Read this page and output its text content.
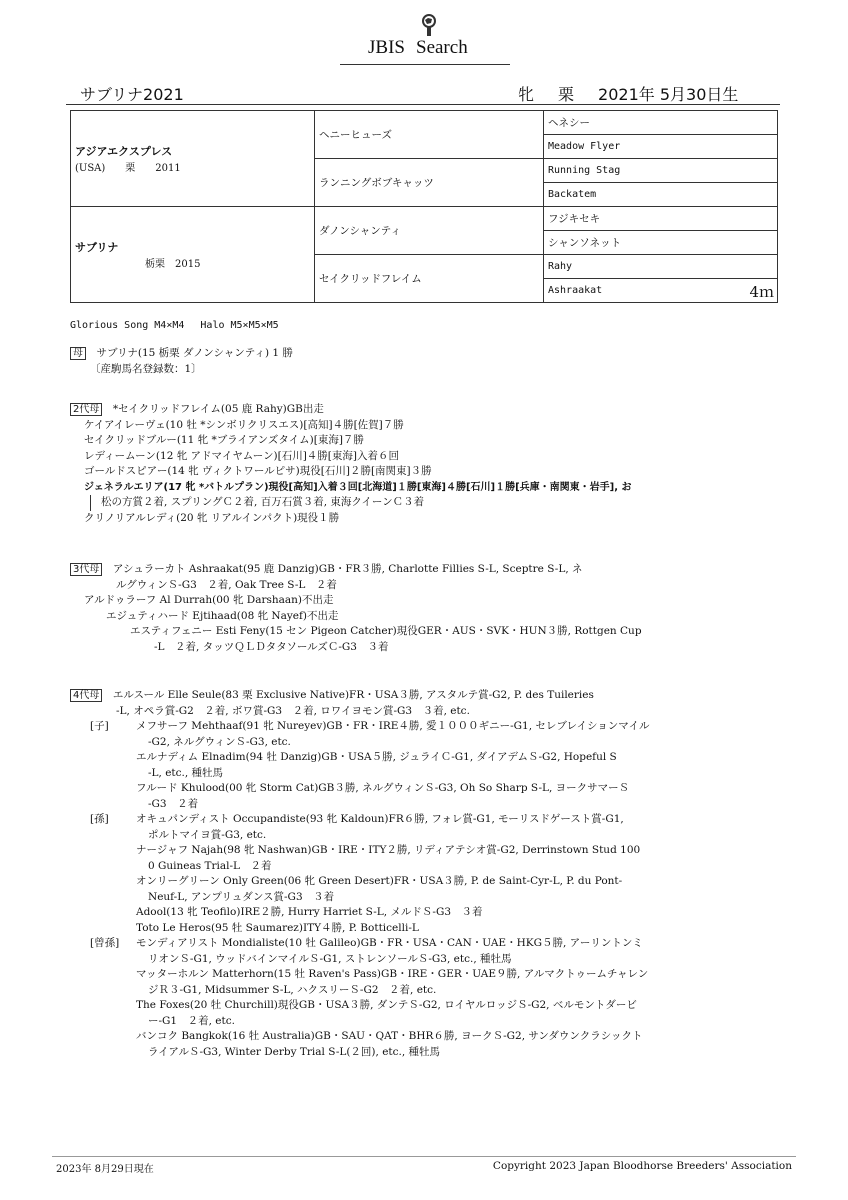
JBIS Search
サブリナ2021	牝 栗 2021年 5月30日生
アジアエクスプレス
(USA)　　栗　　2011	ヘニーヒューズ	ヘネシー
		Meadow Flyer
	ランニングボブキャッツ	Running Stag
		Backatem

サブリナ
栃栗　2015	ダノンシャンティ	フジキセキ
		シャンソネット
	セイクリッドフレイム	Rahy
		Ashraakat 4ｍ
Glorious Song M4×M4　 Halo M5×M5×M5
母　 サブリナ(15 栃栗 ダノンシャンティ) 1 勝
〔産駒馬名登録数：1〕
2代母　 *セイクリッドフレイム(05 鹿 Rahy)GB出走
ケイアイレーヴェ(10 牡 *シンボリクリスエス)[高知]４勝[佐賀]７勝
セイクリッドブルー(11 牝 *ブライアンズタイム)[東海]７勝
レディームーン(12 牝 アドマイヤムーン)[石川]４勝[東海]入着６回
ゴールドスピアー(14 牝 ヴィクトワールピサ)現役[石川]２勝[南関東]３勝
ジェネラルエリア(17 牝 *バトルプラン)現役[高知]入着３回[北海道]１勝[東海]４勝[石川]１勝[兵庫・南関東・岩手], お
松の方賞２着, スプリングＣ２着, 百万石賞３着, 東海クイーンＣ３着
クリノリアルレディ(20 牝 リアルインパクト)現役１勝
3代母　 アシュラーカト Ashraakat(95 鹿 Danzig)GB・FR３勝, Charlotte Fillies S-L, Sceptre S-L, ネ
ルグウィンＳ-G3　２着, Oak Tree S-L　２着
アルドゥラーフ Al Durrah(00 牝 Darshaan)不出走
エジュティハード Ejtihaad(08 牝 Nayef)不出走
エスティフェニー Esti Feny(15 セン Pigeon Catcher)現役GER・AUS・SVK・HUN３勝, Rottgen Cup
-L　２着, タッツＱＬＤタタソールズＣ-G3　３着
4代母　 エルスール Elle Seule(83 栗 Exclusive Native)FR・USA３勝, アスタルテ賞-G2, P. des Tuileries
-L, オペラ賞-G2　２着, ボワ賞-G3　２着, ロワイヨモン賞-G3　３着, etc.
[子]	メフサーフ Mehthaaf(91 牝 Nureyev)GB・FR・IRE４勝, 愛１０００ギニー-G1, セレブレイションマイル
-G2, ネルグウィンＳ-G3, etc.
エルナディム Elnadim(94 牡 Danzig)GB・USA５勝, ジュライＣ-G1, ダイアデムＳ-G2, Hopeful S
-L, etc., 種牡馬
フルード Khulood(00 牝 Storm Cat)GB３勝, ネルグウィンＳ-G3, Oh So Sharp S-L, ヨークサマーＳ
-G3　２着
[孫]	オキュパンディスト Occupandiste(93 牝 Kaldoun)FR６勝, フォレ賞-G1, モーリスドゲースト賞-G1,
ポルトマイヨ賞-G3, etc.
ナージャフ Najah(98 牝 Nashwan)GB・IRE・ITY２勝, リディアテシオ賞-G2, Derrinstown Stud 100
0 Guineas Trial-L　２着
オンリーグリーン Only Green(06 牝 Green Desert)FR・USA３勝, P. de Saint-Cyr-L, P. du Pont-
Neuf-L, アンプリュダンス賞-G3　３着
Adool(13 牝 Teofilo)IRE２勝, Hurry Harriet S-L, メルドＳ-G3　３着
Toto Le Heros(95 牡 Saumarez)ITY４勝, P. Botticelli-L
[曾孫] モンディアリスト Mondialiste(10 牡 Galileo)GB・FR・USA・CAN・UAE・HKG５勝, アーリントンミ
リオンＳ-G1, ウッドバインマイルＳ-G1, ストレンソールＳ-G3, etc., 種牡馬
マッターホルン Matterhorn(15 牡 Raven's Pass)GB・IRE・GER・UAE９勝, アルマクトゥームチャレン
ジＲ３-G1, Midsummer S-L, ハクスリーＳ-G2　２着, etc.
The Foxes(20 牡 Churchill)現役GB・USA３勝, ダンテＳ-G2, ロイヤルロッジＳ-G2, ベルモントダービ
ー-G1　２着, etc.
バンコク Bangkok(16 牡 Australia)GB・SAU・QAT・BHR６勝, ヨークＳ-G2, サンダウンクラシックト
ライアルＳ-G3, Winter Derby Trial S-L(２回), etc., 種牡馬
2023年 8月29日現在	Copyright 2023 Japan Bloodhorse Breeders' Association
